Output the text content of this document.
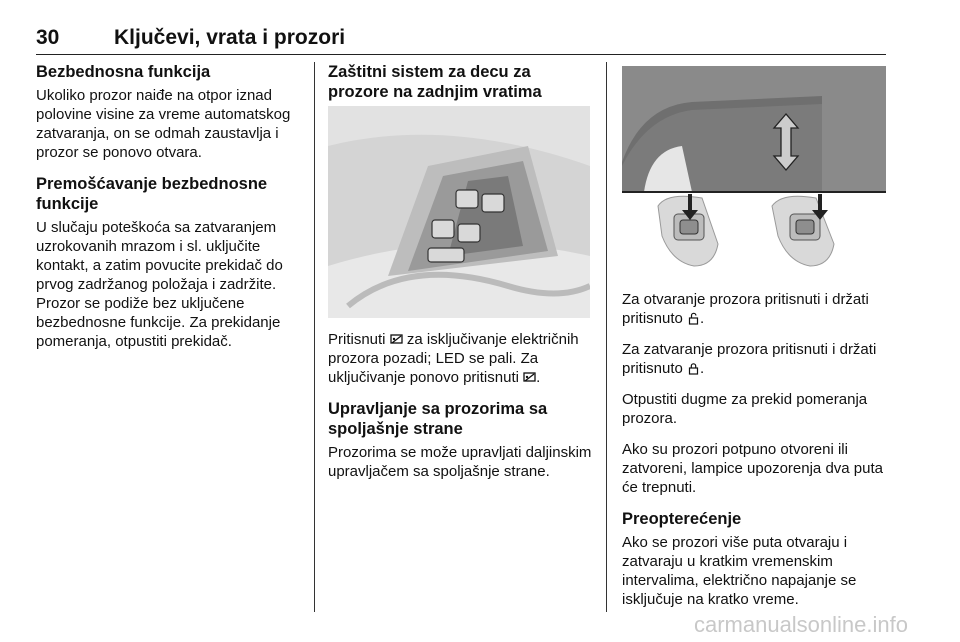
30	Ključevi, vrata i prozori
Bezbednosna funkcija

Ukoliko prozor naiđe na otpor iznad polovine visine za vreme automatskog zatvaranja, on se odmah zaustavlja i prozor se ponovo otvara.

Premošćavanje bezbednosne funkcije

U slučaju poteškoća sa zatvaranjem uzrokovanih mrazom i sl. uključite kontakt, a zatim povucite prekidač do prvog zadržanog položaja i zadržite. Prozor se podiže bez uključene bezbednosne funkcije. Za prekidanje pomeranja, otpustiti prekidač.

Zaštitni sistem za decu za prozore na zadnjim vratima

Pritisnuti za isključivanje električnih prozora pozadi; LED se pali. Za uključivanje ponovo pritisnuti .

Upravljanje sa prozorima sa spoljašnje strane

Prozorima se može upravljati daljinskim upravljačem sa spoljašnje strane.

Za otvaranje prozora pritisnuti i držati pritisnuto .

Za zatvaranje prozora pritisnuti i držati pritisnuto .

Otpustiti dugme za prekid pomeranja prozora.

Ako su prozori potpuno otvoreni ili zatvoreni, lampice upozorenja dva puta će trepnuti.

Preopterećenje

Ako se prozori više puta otvaraju i zatvaraju u kratkim vremenskim intervalima, električno napajanje se isključuje na kratko vreme.

carmanualsonline.info
